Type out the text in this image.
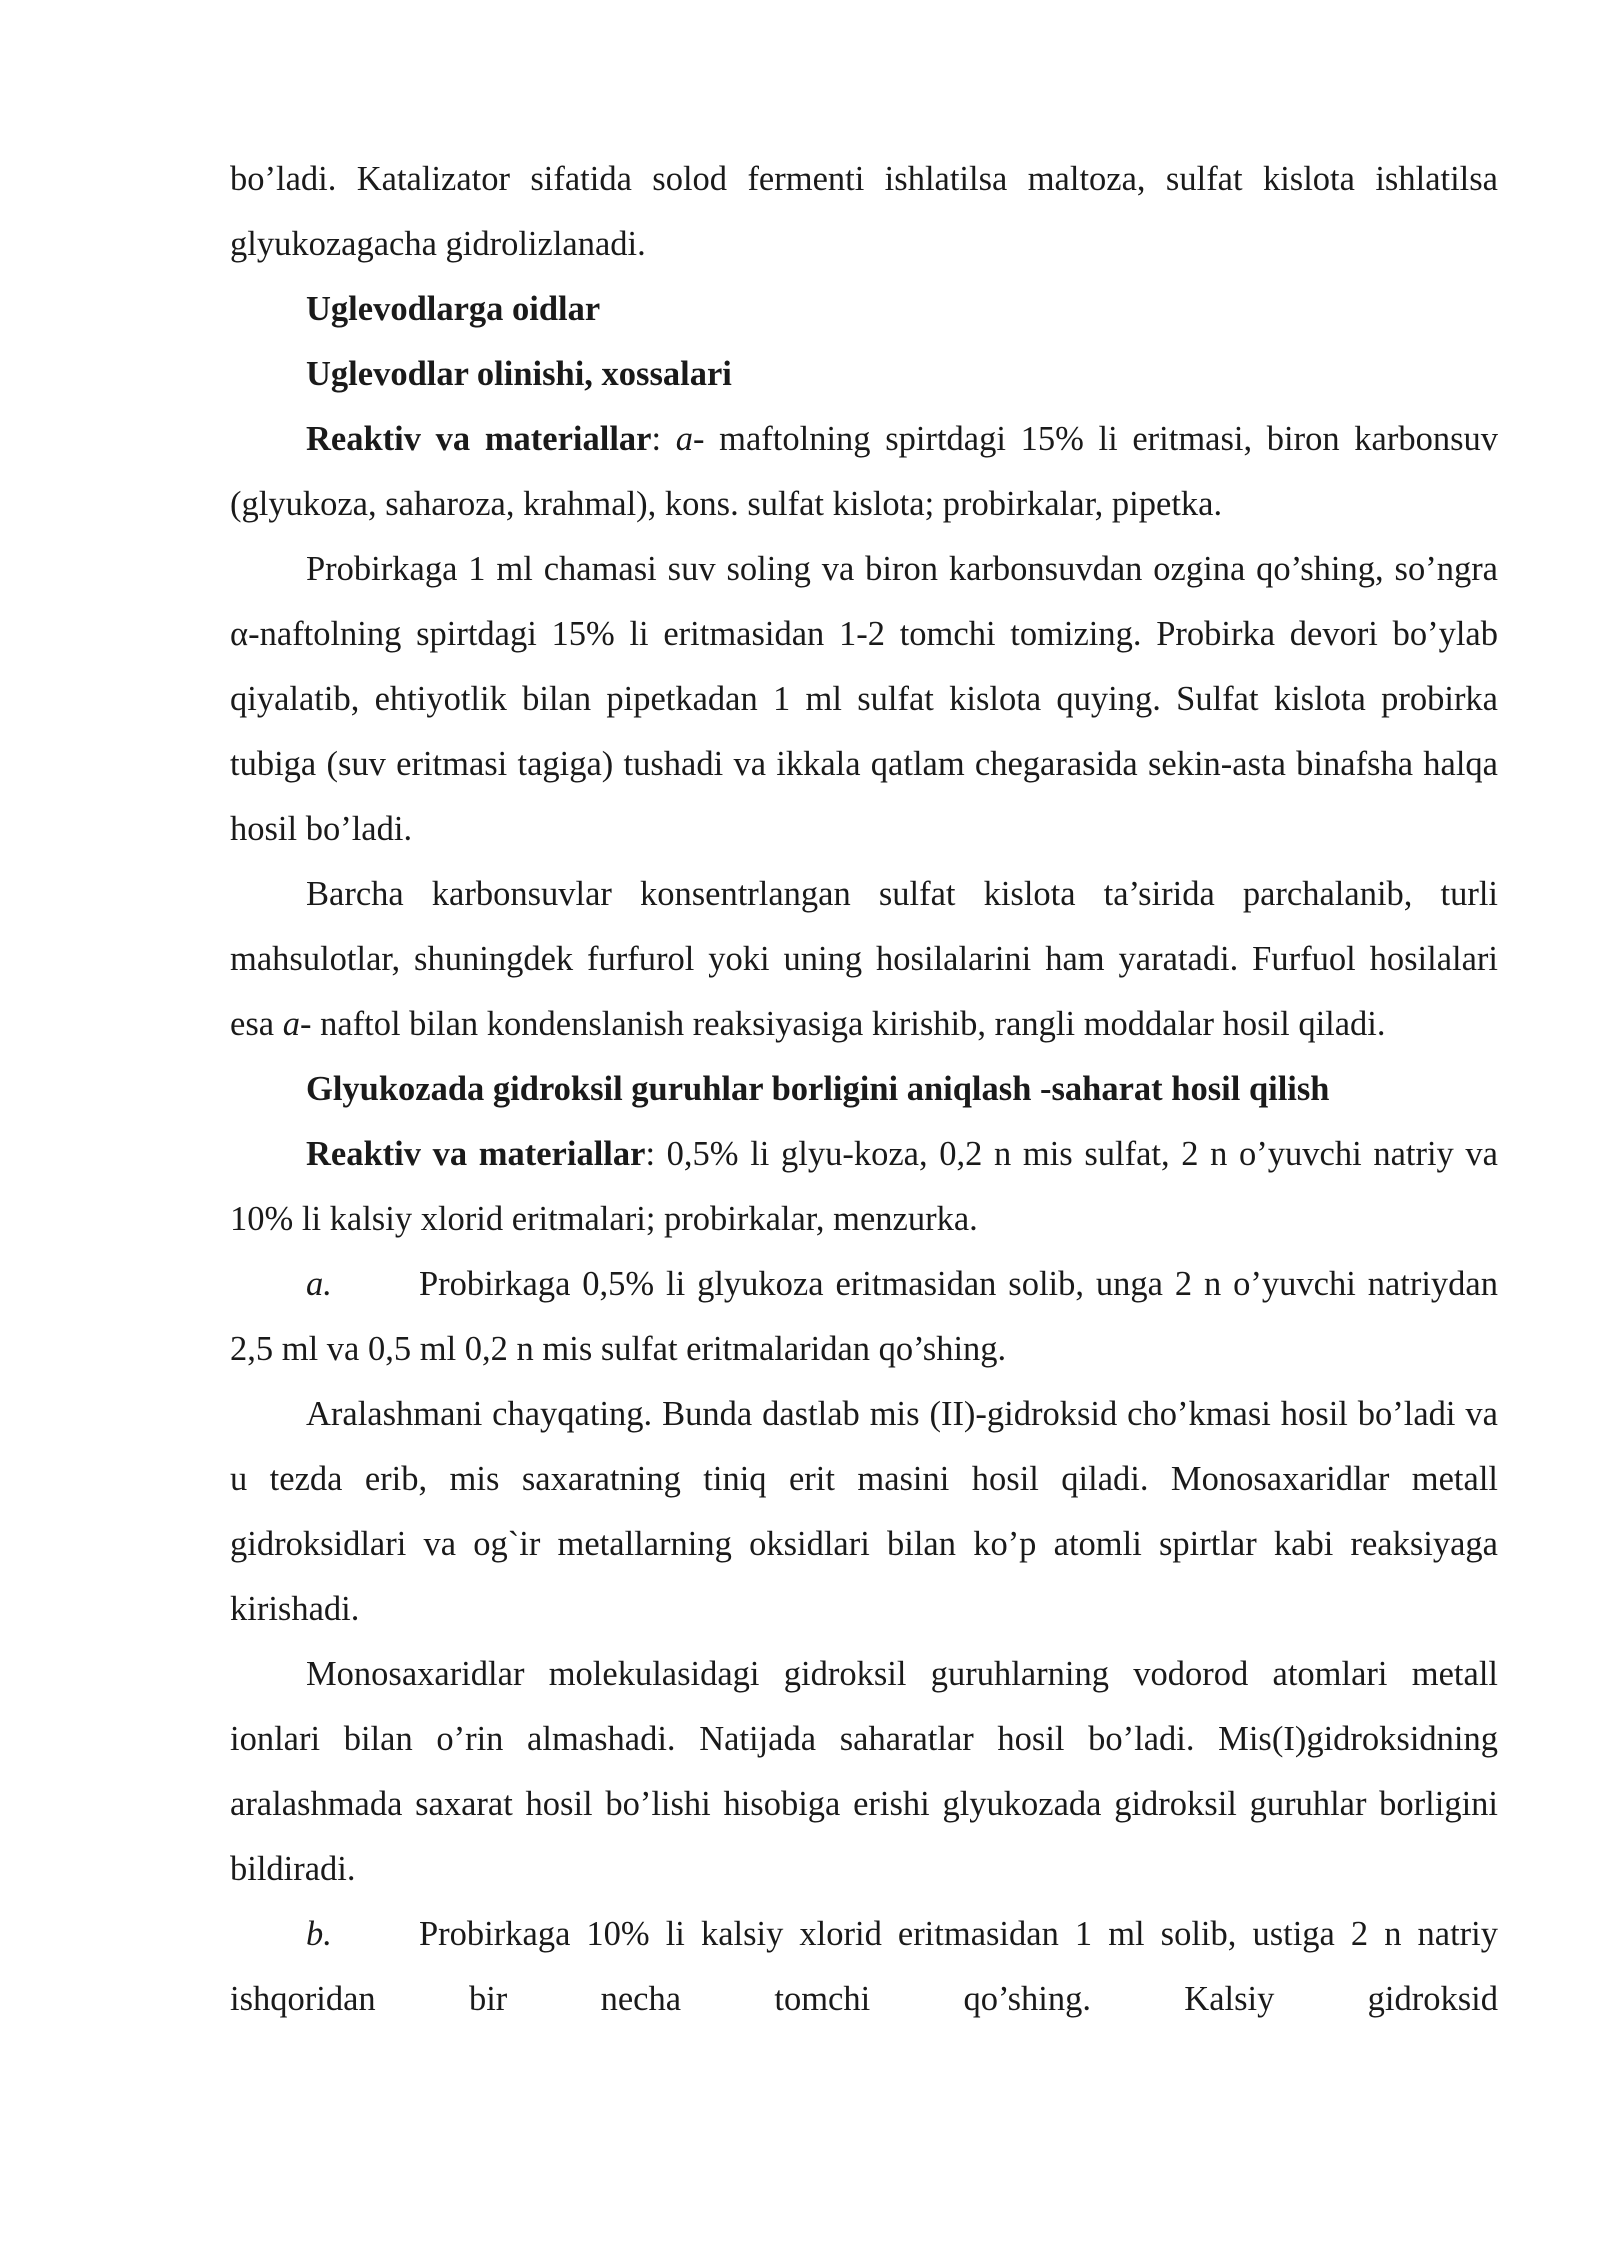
bo’ladi. Katalizator sifatida solod fermenti ishlatilsa maltoza, sulfat kislota ishlatilsa glyukozagacha gidrolizlanadi.

Uglevodlarga oidlar

Uglevodlar olinishi, xossalari

Reaktiv va materiallar: a- maftolning spirtdagi 15% li eritmasi, biron karbonsuv (glyukoza, saharoza, krahmal), kons. sulfat kislota; probirkalar, pipetka.

Probirkaga 1 ml chamasi suv soling va biron karbonsuvdan ozgina qo’shing, so’ngra α-naftolning spirtdagi 15% li eritmasidan 1-2 tomchi tomizing. Probirka devori bo’ylab qiyalatib, ehtiyotlik bilan pipetkadan 1 ml sulfat kislota quying. Sulfat kislota probirka tubiga (suv eritmasi tagiga) tushadi va ikkala qatlam chegarasida sekin-asta binafsha halqa hosil bo’ladi.

Barcha karbonsuvlar konsentrlangan sulfat kislota ta’sirida parchalanib, turli mahsulotlar, shuningdek furfurol yoki uning hosilalarini ham yaratadi. Furfuol hosilalari esa a- naftol bilan kondenslanish reaksiyasiga kirishib, rangli moddalar hosil qiladi.

Glyukozada gidroksil guruhlar borligini aniqlash -saharat hosil qilish

Reaktiv va materiallar: 0,5% li glyu-koza, 0,2 n mis sulfat, 2 n o’yuvchi natriy va 10% li kalsiy xlorid eritmalari; probirkalar, menzurka.

a.	Probirkaga 0,5% li glyukoza eritmasidan solib, unga 2 n o’yuvchi natriydan 2,5 ml va 0,5 ml 0,2 n mis sulfat eritmalaridan qo’shing.

Aralashmani chayqating. Bunda dastlab mis (II)-gidroksid cho’kmasi hosil bo’ladi va u tezda erib, mis saxaratning tiniq erit masini hosil qiladi. Monosaxaridlar metall gidroksidlari va og`ir metallarning oksidlari bilan ko’p atomli spirtlar kabi reaksiyaga kirishadi.

Monosaxaridlar molekulasidagi gidroksil guruhlarning vodorod atomlari metall ionlari bilan o’rin almashadi. Natijada saharatlar hosil bo’ladi. Mis(I)gidroksidning aralashmada saxarat hosil bo’lishi hisobiga erishi glyukozada gidroksil guruhlar borligini bildiradi.

b.	Probirkaga 10% li kalsiy xlorid eritmasidan 1 ml solib, ustiga 2 n natriy ishqoridan bir necha tomchi qo’shing. Kalsiy gidroksid
